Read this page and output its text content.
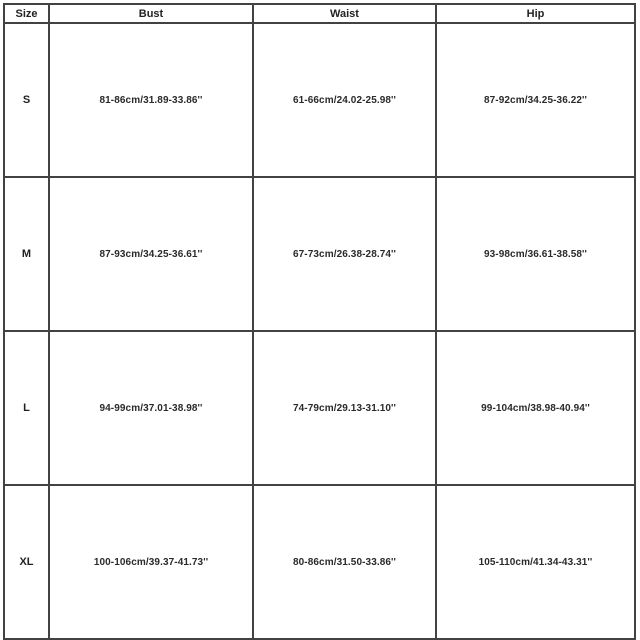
Size	Bust	Waist	Hip
S	81-86cm/31.89-33.86''	61-66cm/24.02-25.98''	87-92cm/34.25-36.22''
M	87-93cm/34.25-36.61''	67-73cm/26.38-28.74''	93-98cm/36.61-38.58''
L	94-99cm/37.01-38.98''	74-79cm/29.13-31.10''	99-104cm/38.98-40.94''
XL	100-106cm/39.37-41.73''	80-86cm/31.50-33.86''	105-110cm/41.34-43.31''
